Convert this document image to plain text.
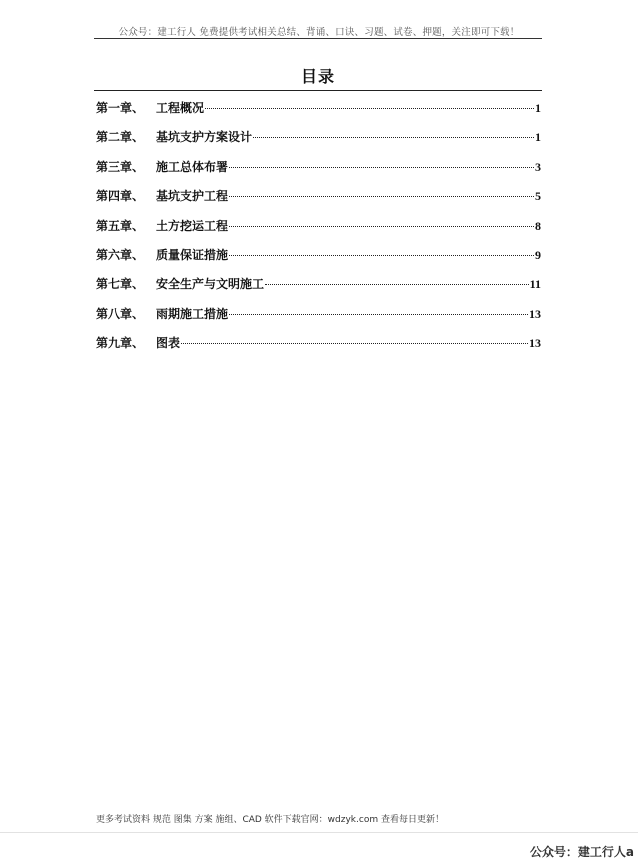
公众号：建工行人 免费提供考试相关总结、背诵、口诀、习题、试卷、押题，关注即可下载！
目录
第一章、 工程概况	1
第二章、 基坑支护方案设计	1
第三章、 施工总体布署	3
第四章、 基坑支护工程	5
第五章、 土方挖运工程	8
第六章、 质量保证措施	9
第七章、 安全生产与文明施工	11
第八章、 雨期施工措施	13
第九章、 图表	13
更多考试资料 规范 图集 方案 施组、CAD 软件下载官网：wdzyk.com 查看每日更新！
公众号：建工行人a
